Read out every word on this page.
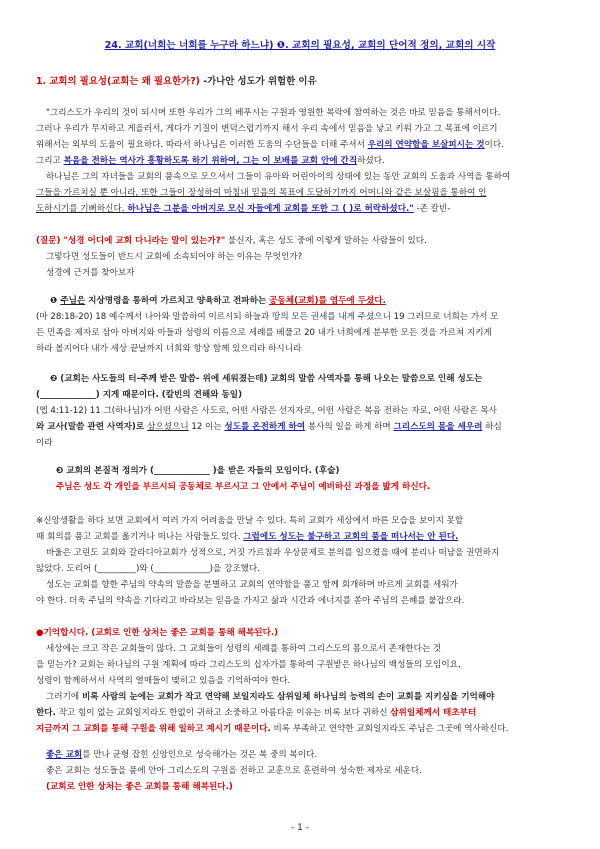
24. 교회(너희는 너희를 누구라 하느냐) ❶. 교회의 필요성, 교회의 단어적 정의, 교회의 시작
1. 교회의 필요성(교회는 왜 필요한가?) -가나안 성도가 위험한 이유
"그리스도가 우리의 것이 되시며 또한 우리가 그의 베푸시는 구원과 영원한 복락에 참여하는 것은 바로 믿음을 통해서이다.
그러나 우리가 무지하고 게을러서, 게다가 기질이 변덕스럽기까지 해서 우리 속에서 믿음을 낳고 키워 가고 그 목표에 이르기
위해서는 외부의 도움이 필요하다. 따라서 하나님은 이러한 도움의 수단들을 더해 주셔서 우리의 연약함을 보살피시는 것이다.
그리고 복음을 전하는 역사가 흥황하도록 하기 위하여, 그는 이 보배를 교회 안에 간직하셨다.
하나님은 그의 자녀들을 교회의 품속으로 모으셔서 그들이 유아와 어린아이의 상태에 있는 동안 교회의 도움과 사역을 통하여
그들을 가르치실 뿐 아니라, 또한 그들이 장성하여 마침내 믿음의 목표에 도달하기까지 어머니와 같은 보살핌을 통하여 인
도하시기를 기뻐하신다. 하나님은 그분을 아버지로 모신 자들에게 교회를 또한 그 ( )로 허락하셨다." -존 칼빈-
(질문) "성경 어디에 교회 다니라는 말이 있는가?" 불신자, 혹은 성도 중에 이렇게 말하는 사람들이 있다.
그렇다면 성도들이 반드시 교회에 소속되어야 하는 이유는 무엇인가?
성경에 근거를 찾아보자
❶ 주님은 지상명령을 통하여 가르치고 양육하고 전파하는 공동체(교회)를 염두에 두셨다.
(마 28:18-20) 18 예수께서 나아와 말씀하여 이르시되 하늘과 땅의 모든 권세를 내게 주셨으니 19 그러므로 너희는 가서 모
든 민족을 제자로 삼아 아버지와 아들과 성령의 이름으로 세례를 베풀고 20 내가 너희에게 분부한 모든 것을 가르쳐 지키게
하라 볼지어다 내가 세상 끝날까지 너희와 항상 함께 있으리라 하시니라
❷ (교회는 사도들의 터-주께 받은 말씀- 위에 세워졌는데) 교회의 말씀 사역자를 통해 나오는 말씀으로 인해 성도는
(_____________) 지게 때문이다. (칼빈의 견해와 동일)
(엡 4:11-12) 11 그(하나님)가 어떤 사람은 사도로, 어떤 사람은 선지자로, 어떤 사람은 복음 전하는 자로, 어떤 사람은 목사
와 교사(말씀 관련 사역자)로 삼으셨으니 12 이는 성도를 온전하게 하여 봉사의 일을 하게 하며 그리스도의 몸을 세우려 하심
이라
❸ 교회의 본질적 정의가 (_____________ )을 받은 자들의 모임이다. (후술)
주님은 성도 각 개인을 부르시되 공동체로 부르시고 그 안에서 주님이 예비하신 과정을 밟게 하신다.
※신앙생활을 하다 보면 교회에서 여러 가지 어려움을 만날 수 있다. 특히 교회가 세상에서 바른 모습을 보이지 못할
때 회의를 품고 교회를 옮기거나 떠나는 사람들도 있다. 그럼에도 성도는 불구하고 교회의 품을 떠나서는 안 된다.
바울은 고린도 교회와 갈라디아교회가 성적으로, 거짓 가르침과 우상문제로 분의를 일으켰을 때에 분리나 떠남을 권면하지
않았다. 도리어 (_________)와 (_____________)을 강조했다.
성도는 교회를 향한 주님의 약속의 말씀을 분별하고 교회의 연약함을 품고 함께 회개하며 바르게 교회를 세워가
야 한다. 더욱 주님의 약속을 기다리고 바라보는 믿음을 가지고 삶과 시간과 에너지를 쏟아 주님의 은혜를 붙잡으라.
●기억합시다. (교회로 인한 상처는 좋은 교회를 통해 해복된다.)
세상에는 크고 작은 교회들이 많다. 그 교회들이 성령의 세례를 통하여 그리스도의 몸으로서 존재한다는 것
을 믿는가? 교회는 하나님의 구원 계획에 따라 그리스도의 십자가를 통하여 구원받은 하나님의 백성들의 모임이요,
성령이 함께하셔서 사역의 열매들이 맺히고 있음을 기억하여야 한다.
그러기에 비록 사람의 눈에는 교회가 작고 연약해 보일지라도 삼위일체 하나님의 능력의 손이 교회를 지키심을 기억해야
한다. 작고 힘이 없는 교회일지라도 한없이 귀하고 소중하고 아름다운 이유는 비록 보다 귀하신 삼위일체께서 태초부터
지금까지 그 교회를 통해 구원을 위해 일하고 계시기 때문이다. 비록 부족하고 연약한 교회일지라도 주님은 그곳에 역사하신다.
좋은 교회를 만나 균형 잡힌 신앙인으로 성숙해가는 것은 복 중의 복이다.
좋은 교회는 성도들을 품에 안아 그리스도의 구원을 전하고 교훈으로 훈련하여 성숙한 제자로 세운다.
(교회로 인한 상처는 좋은 교회를 통해 해복된다.)
- 1 -
